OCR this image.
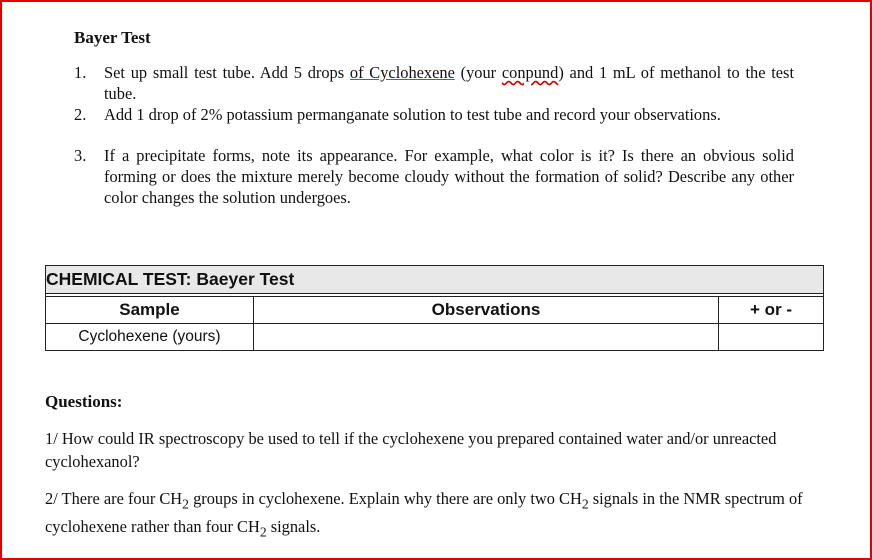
Bayer Test
1. Set up small test tube. Add 5 drops of Cyclohexene (your conpund) and 1 mL of methanol to the test tube.
2. Add 1 drop of 2% potassium permanganate solution to test tube and record your observations.
3. If a precipitate forms, note its appearance. For example, what color is it? Is there an obvious solid forming or does the mixture merely become cloudy without the formation of solid? Describe any other color changes the solution undergoes.
CHEMICAL TEST: Baeyer Test		

Sample	Observations	+ or -
Cyclohexene (yours)		
Questions:
1/ How could IR spectroscopy be used to tell if the cyclohexene you prepared contained water and/or unreacted cyclohexanol?
2/ There are four $CH_2$ groups in cyclohexene. Explain why there are only two $CH_2$ signals in the NMR spectrum of cyclohexene rather than four $CH_2$ signals.
